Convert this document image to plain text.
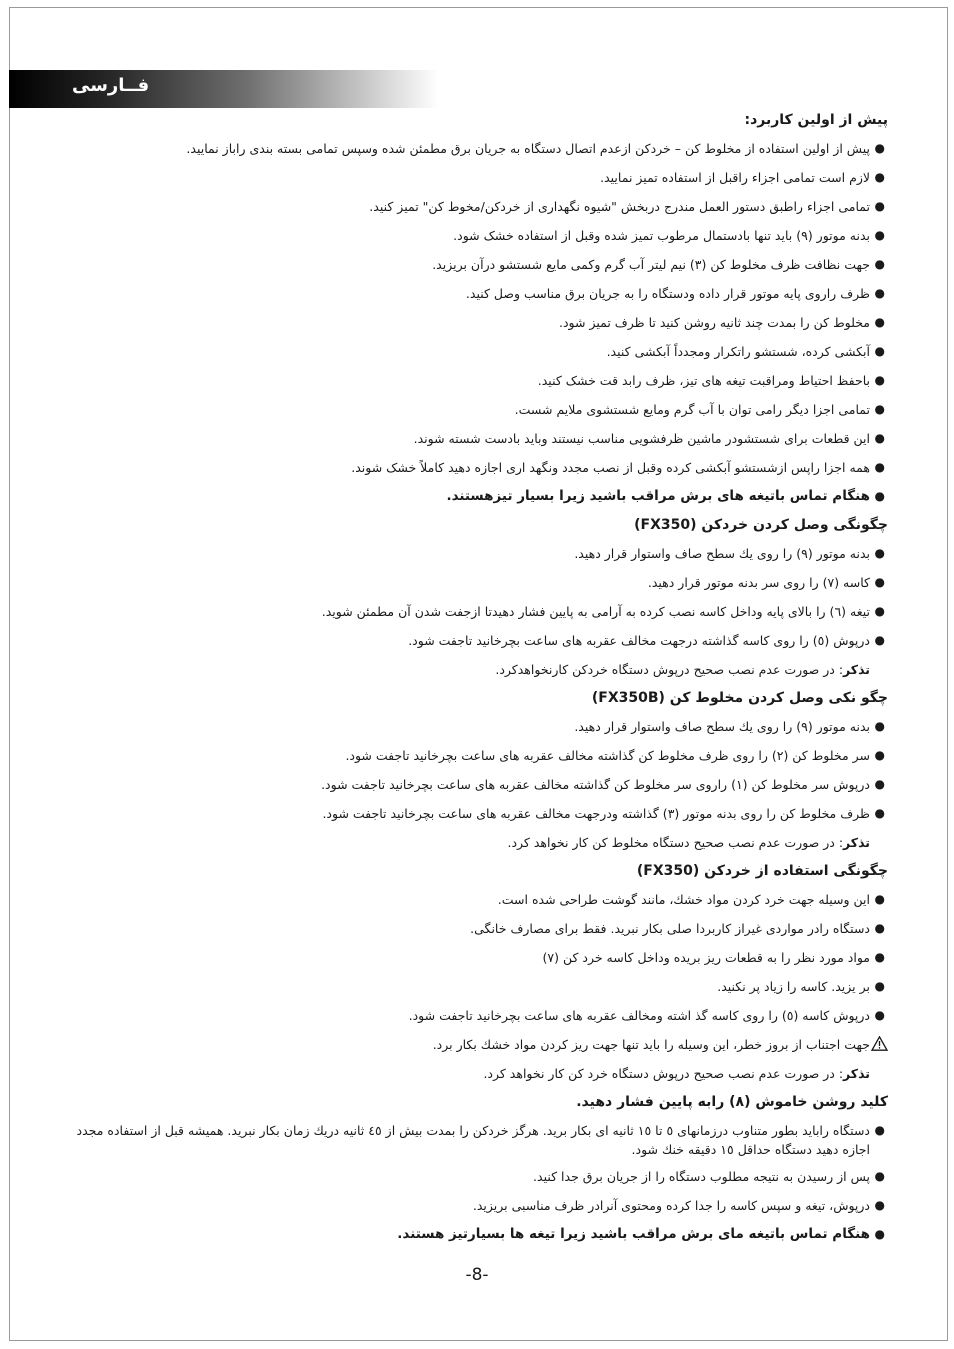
فــارسی
پیش از اولین کاربرد:
●
پیش از اولین استفاده از مخلوط کن – خردکن ازعدم اتصال دستگاه به جریان برق مطمئن شده وسپس تمامی بسته بندی راباز نمایید.
●
لازم است تمامی اجزاء راقبل از استفاده تمیز نمایید.
●
تمامی اجزاء راطبق دستور العمل مندرج دربخش "شیوه نگهداری از خردکن/مخوط کن" تمیز کنید.
●
بدنه موتور (۹) باید تنها بادستمال مرطوب تمیز شده وقبل از استفاده خشک شود.
●
جهت نظافت ظرف مخلوط کن (۳) نیم لیتر آب گرم وکمی مایع شستشو درآن بریزید.
●
ظرف راروی پایه موتور قرار داده ودستگاه را به جریان برق مناسب وصل کنید.
●
مخلوط کن را بمدت چند ثانیه روشن کنید تا ظرف تمیز شود.
●
آبکشی کرده، شستشو راتکرار ومجدداً آبکشی کنید.
●
باحفظ احتیاط ومراقبت تیغه های تیز، ظرف رابد قت خشک کنید.
●
تمامی اجزا دیگر رامی توان با آب گرم ومایع شستشوی ملایم شست.
●
این قطعات برای شستشودر ماشین ظرفشویی مناسب نیستند وباید بادست شسته شوند.
●
همه اجزا راپس ازشستشو آبکشی کرده وقبل از نصب مجدد ونگهد اری اجازه دهید کاملاً خشک شوند.
●
هنگام تماس باتیغه های برش مراقب باشید زیرا بسیار تیزهستند.
چگونگی وصل کردن خردکن (FX350)
●
بدنه موتور (۹) را روی یك سطح صاف واستوار قرار دهید.
●
کاسه (۷) را روی سر بدنه موتور قرار دهید.
●
تیغه (٦) را بالای پایه وداخل کاسه نصب کرده به آرامی به پایین فشار دهیدتا ازجفت شدن آن مطمئن شوید.
●
درپوش (٥) را روی کاسه گذاشته درجهت مخالف عقربه های ساعت بچرخانید تاجفت شود.
تذکر: در صورت عدم نصب صحیح درپوش دستگاه خردکن کارنخواهدکرد.
چگو نکی وصل کردن مخلوط کن (FX350B)
●
بدنه موتور (۹) را روی یك سطح صاف واستوار قرار دهید.
●
سر مخلوط کن (۲) را روی ظرف مخلوط کن گذاشته مخالف عقربه های ساعت بچرخانید تاجفت شود.
●
درپوش سر مخلوط کن (۱) راروی سر مخلوط کن گذاشته مخالف عقربه های ساعت بچرخانید تاجفت شود.
●
ظرف مخلوط کن را روی بدنه موتور (۳) گذاشته ودرجهت مخالف عقربه های ساعت بچرخانید تاجفت شود.
تذکر: در صورت عدم نصب صحیح دستگاه مخلوط کن کار نخواهد کرد.
چگونگی استفاده از خردکن (FX350)
●
این وسیله جهت خرد کردن مواد خشك، مانند گوشت طراحی شده است.
●
دستگاه رادر مواردی غیراز کاربردا صلی بکار نبرید. فقط برای مصارف خانگی.
●
مواد مورد نظر را به قطعات ریز بریده وداخل کاسه خرد کن (۷)
●
بر یزید. کاسه را زیاد پر نکنید.
●
درپوش کاسه (٥) را روی کاسه گذ اشته ومخالف عقربه های ساعت بچرخانید تاجفت شود.
جهت اجتناب از بروز خطر، این وسیله را باید تنها جهت ریز کردن مواد خشك بکار برد.
تذکر: در صورت عدم نصب صحیح درپوش دستگاه خرد کن کار نخواهد کرد.
کلید روشن خاموش (۸) رابه پایین فشار دهید.
●
دستگاه رابايد بطور متناوب درزمانهای ٥ تا ١٥ ثانيه ای بکار بريد. هرگز خردکن را بمدت بيش از ٤٥ ثانيه دريك زمان بکار نبريد. همیشه قبل از استفاده مجدد اجازه دهید دستگاه حداقل ١٥ دقیقه خنك شود.
●
پس از رسیدن به نتیجه مطلوب دستگاه را از جریان برق جدا کنید.
●
درپوش، تیغه و سپس کاسه را جدا کرده ومحتوی آنرادر ظرف مناسبی بریزید.
●
هنگام تماس باتیغه مای برش مراقب باشید زیرا تیغه ها بسیارتیز هستند.
-8-
